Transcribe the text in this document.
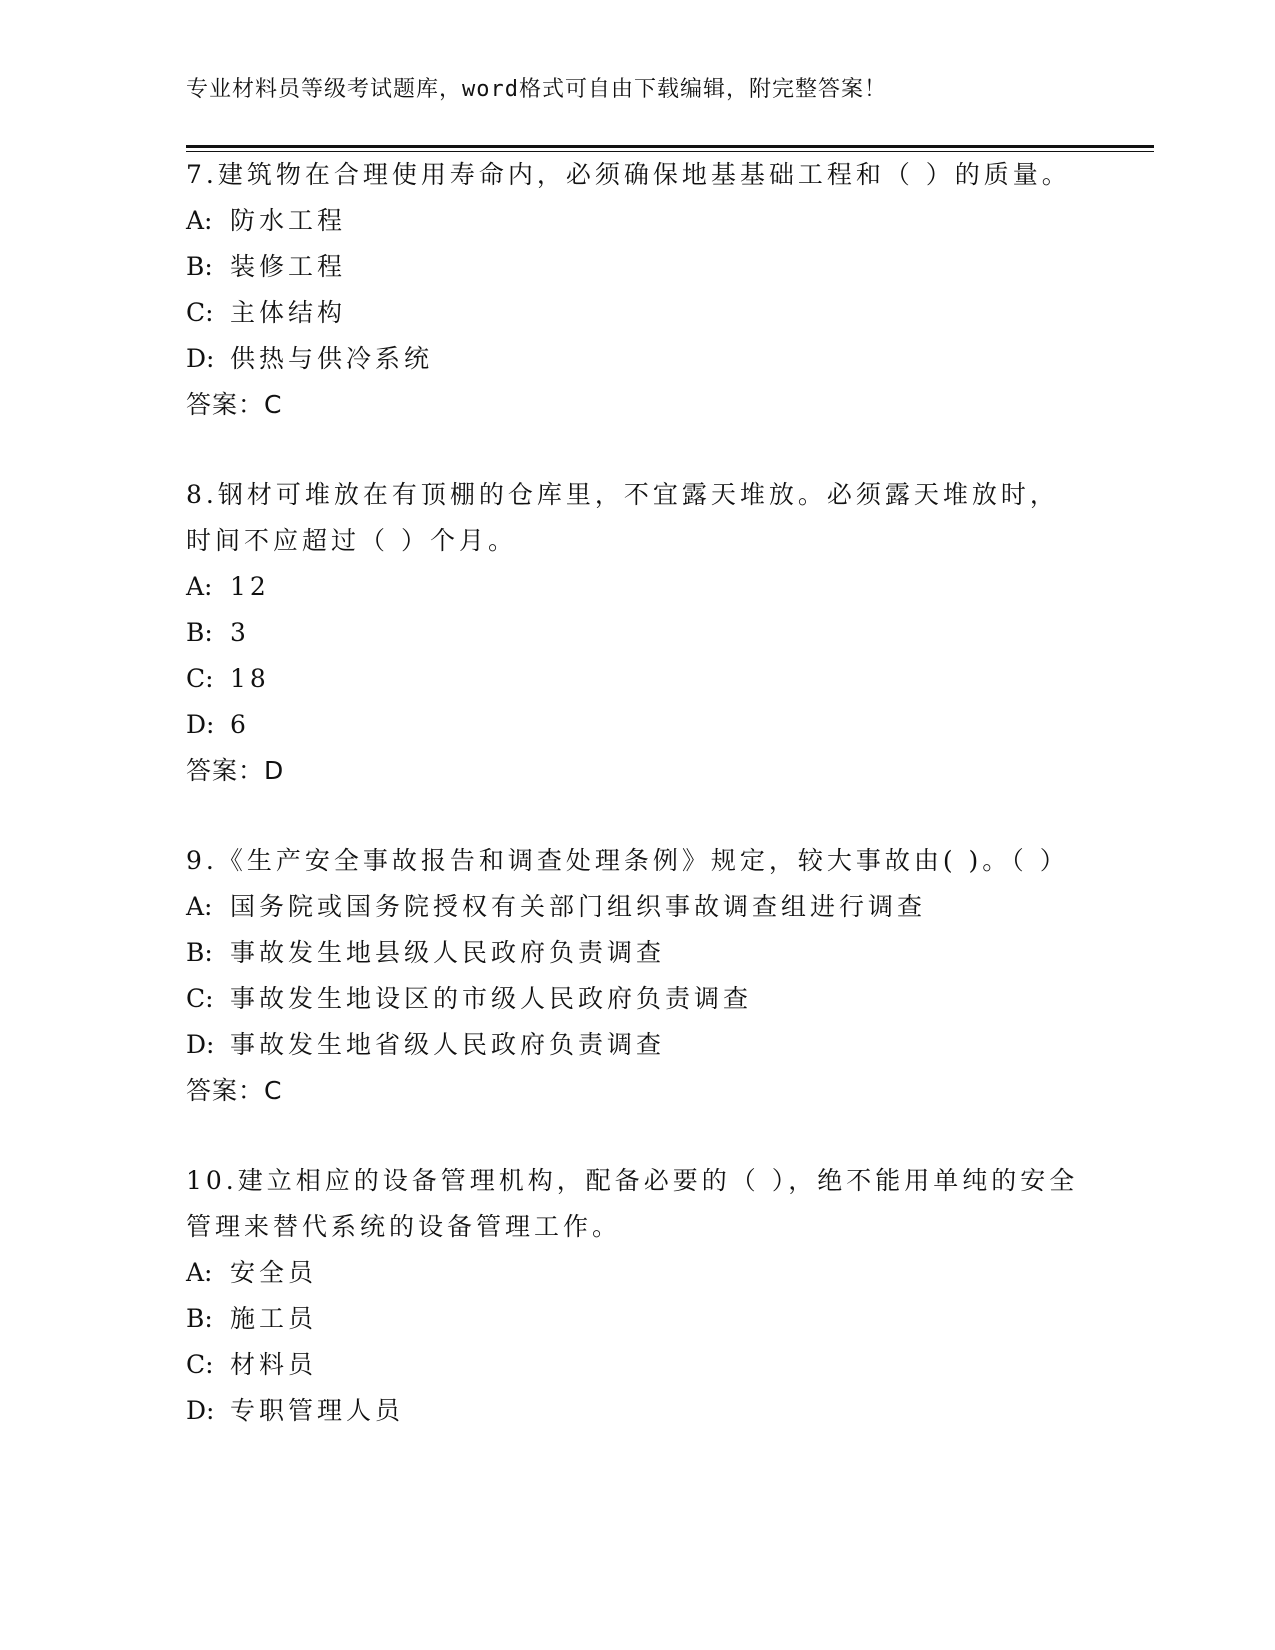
专业材料员等级考试题库，word格式可自由下载编辑，附完整答案！

7.建筑物在合理使用寿命内，必须确保地基基础工程和（ ）的质量。

A: 防水工程

B: 装修工程

C: 主体结构

D: 供热与供冷系统

答案：C

8.钢材可堆放在有顶棚的仓库里，不宜露天堆放。必须露天堆放时，时间不应超过（ ）个月。

A: 12

B: 3

C: 18

D: 6

答案：D

9.《生产安全事故报告和调查处理条例》规定，较大事故由( )。（ ）

A: 国务院或国务院授权有关部门组织事故调查组进行调查

B: 事故发生地县级人民政府负责调查

C: 事故发生地设区的市级人民政府负责调查

D: 事故发生地省级人民政府负责调查

答案：C

10.建立相应的设备管理机构，配备必要的（ ），绝不能用单纯的安全管理来替代系统的设备管理工作。

A: 安全员

B: 施工员

C: 材料员

D: 专职管理人员
